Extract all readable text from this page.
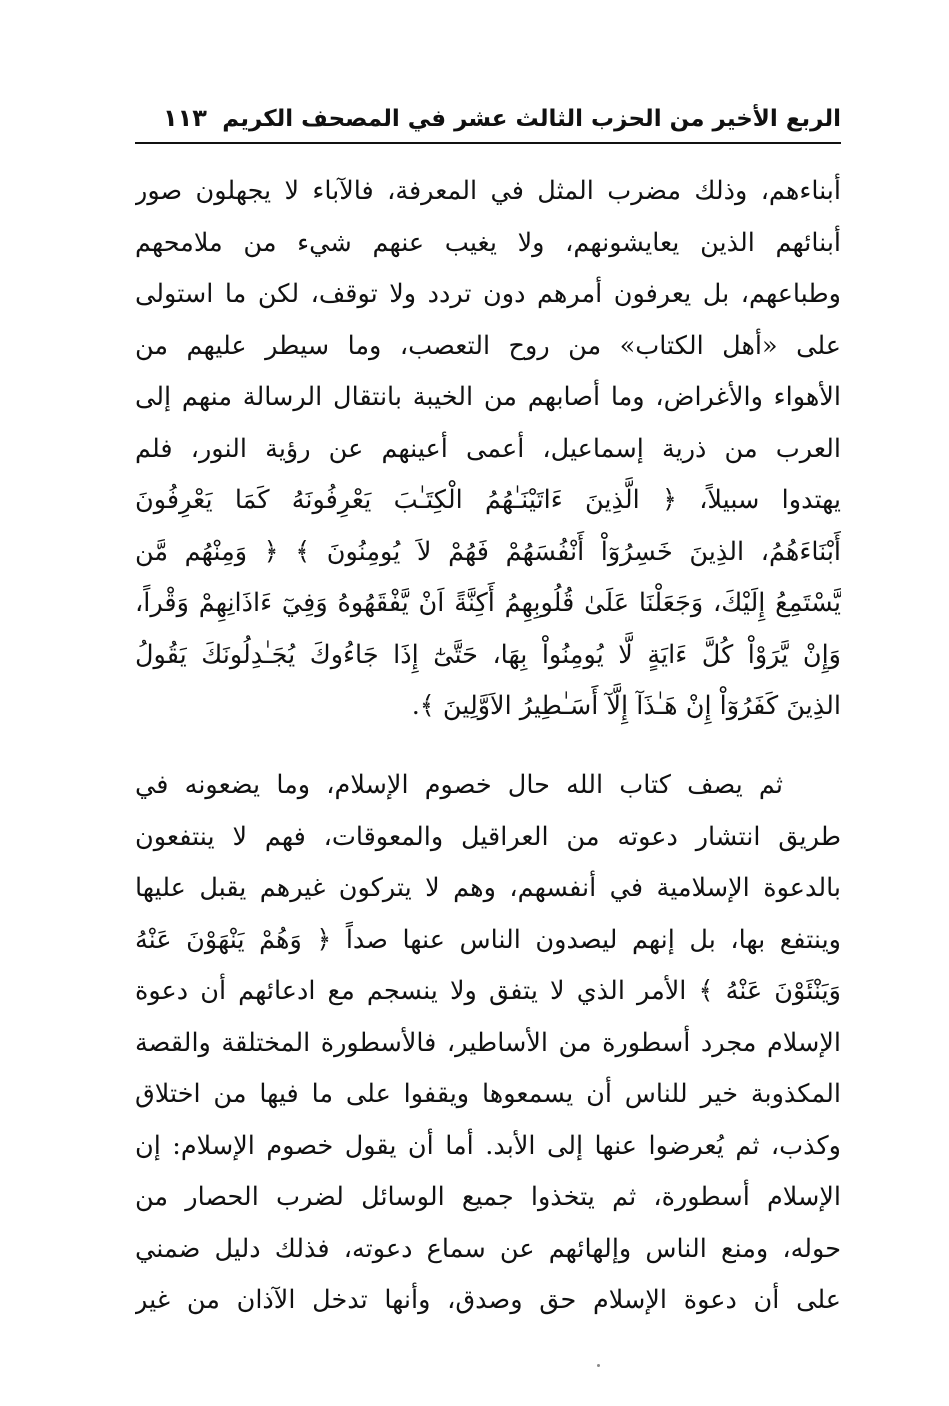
الربع الأخير من الحزب الثالث عشر في المصحف الكريم
١١٣
أبناءهم، وذلك مضرب المثل في المعرفة، فالآباء لا يجهلون صور
أبنائهم الذين يعايشونهم، ولا يغيب عنهم شيء من ملامحهم
وطباعهم، بل يعرفون أمرهم دون تردد ولا توقف، لكن ما استولى
على «أهل الكتاب» من روح التعصب، وما سيطر عليهم من
الأهواء والأغراض، وما أصابهم من الخيبة بانتقال الرسالة منهم إلى
العرب من ذرية إسماعيل، أعمى أعينهم عن رؤية النور، فلم
يهتدوا سبيلاً، ﴿ الَّذِينَ ءَاتَيْنَـٰهُمُ الْكِتَـٰبَ يَعْرِفُونَهُ كَمَا يَعْرِفُونَ
أَبْنَاءَهُمُ، الذِينَ خَسِرُوٓاْ أَنْفُسَهُمْ فَهُمْ لاَ يُومِنُونَ ﴾ ﴿ وَمِنْهُم مَّن
يَّسْتَمِعُ إِلَيْكَ، وَجَعَلْنَا عَلَىٰ قُلُوبِهِمُ أَكِنَّةً اَنْ يَّفْقَهُوهُ وَفِيٓ ءَاذَانِهِمْ وَقْراً،
وَإِنْ يَّرَوْاْ كُلَّ ءَايَةٍ لَّا يُومِنُواْ بِهَا، حَتَّىٰٓ إِذَا جَاءُوكَ يُجَـٰدِلُونَكَ يَقُولُ
الذِينَ كَفَرُوٓاْ إِنْ هَـٰذَآ إِلَّآ أَسَـٰطِيرُ الاَوَّلِينَ ﴾.
ثم يصف كتاب الله حال خصوم الإسلام، وما يضعونه في
طريق انتشار دعوته من العراقيل والمعوقات، فهم لا ينتفعون
بالدعوة الإسلامية في أنفسهم، وهم لا يتركون غيرهم يقبل عليها
وينتفع بها، بل إنهم ليصدون الناس عنها صداً ﴿ وَهُمْ يَنْهَوْنَ عَنْهُ
وَيَنْئَوْنَ عَنْهُ ﴾ الأمر الذي لا يتفق ولا ينسجم مع ادعائهم أن دعوة
الإسلام مجرد أسطورة من الأساطير، فالأسطورة المختلقة والقصة
المكذوبة خير للناس أن يسمعوها ويقفوا على ما فيها من اختلاق
وكذب، ثم يُعرضوا عنها إلى الأبد. أما أن يقول خصوم الإسلام: إن
الإسلام أسطورة، ثم يتخذوا جميع الوسائل لضرب الحصار من
حوله، ومنع الناس وإلهائهم عن سماع دعوته، فذلك دليل ضمني
على أن دعوة الإسلام حق وصدق، وأنها تدخل الآذان من غير
